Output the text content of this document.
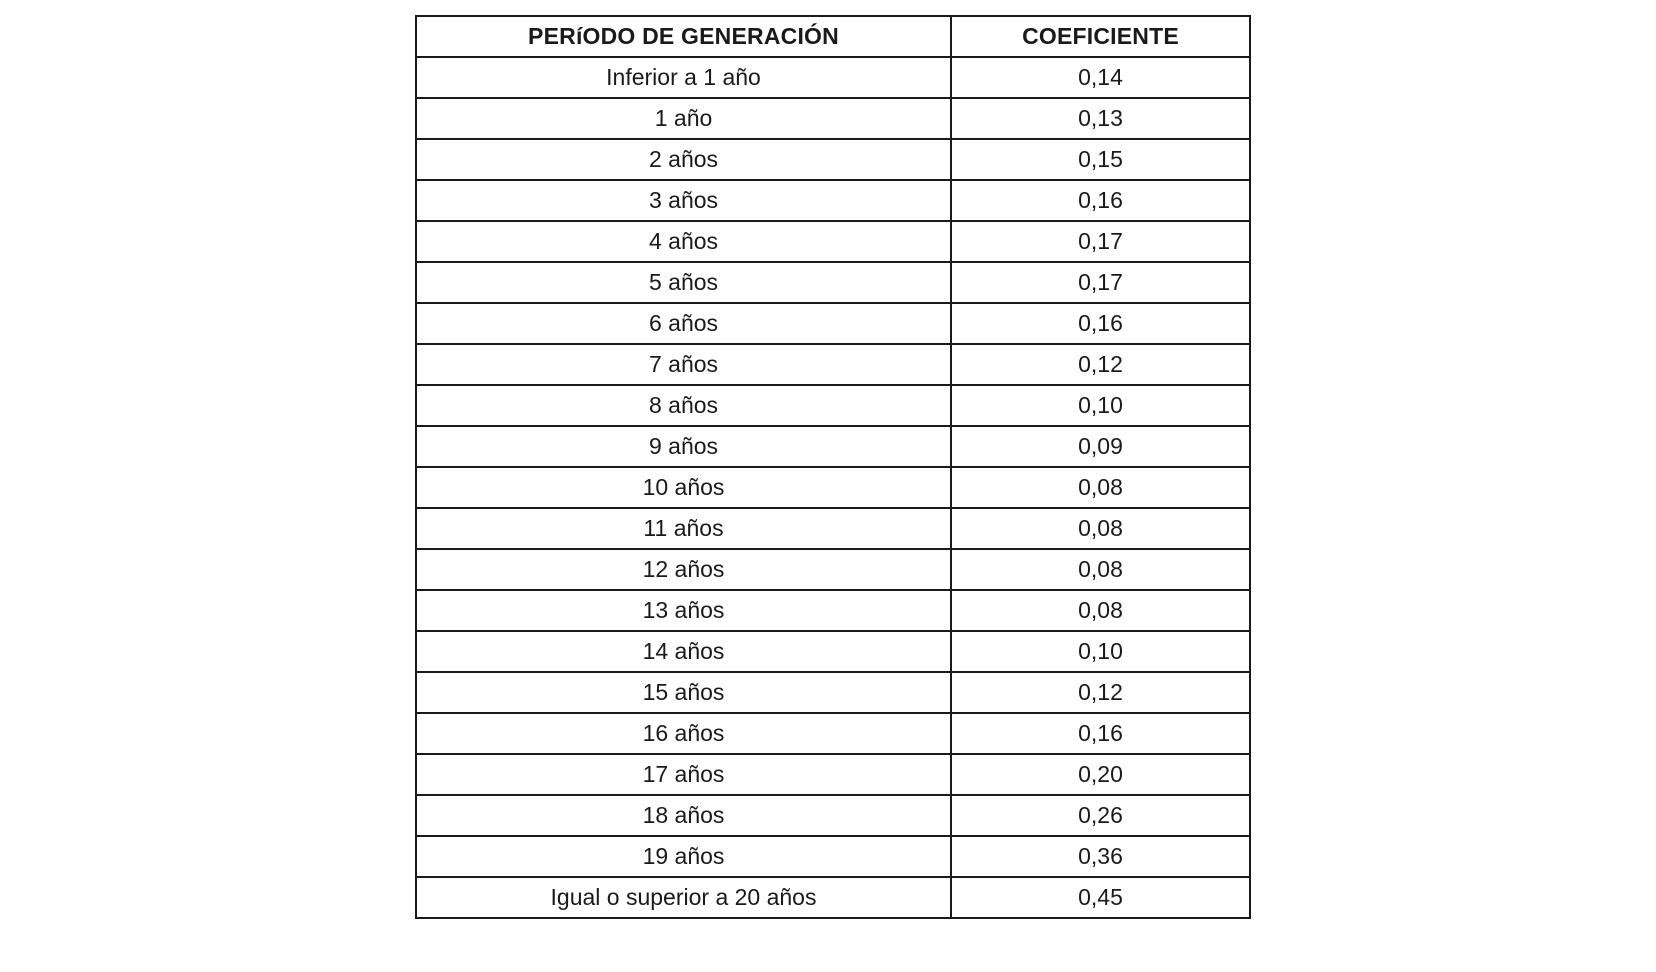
PERíODO DE GENERACIÓN	COEFICIENTE
Inferior a 1 año	0,14
1 año	0,13
2 años	0,15
3 años	0,16
4 años	0,17
5 años	0,17
6 años	0,16
7 años	0,12
8 años	0,10
9 años	0,09
10 años	0,08
11 años	0,08
12 años	0,08
13 años	0,08
14 años	0,10
15 años	0,12
16 años	0,16
17 años	0,20
18 años	0,26
19 años	0,36
Igual o superior a 20 años	0,45
